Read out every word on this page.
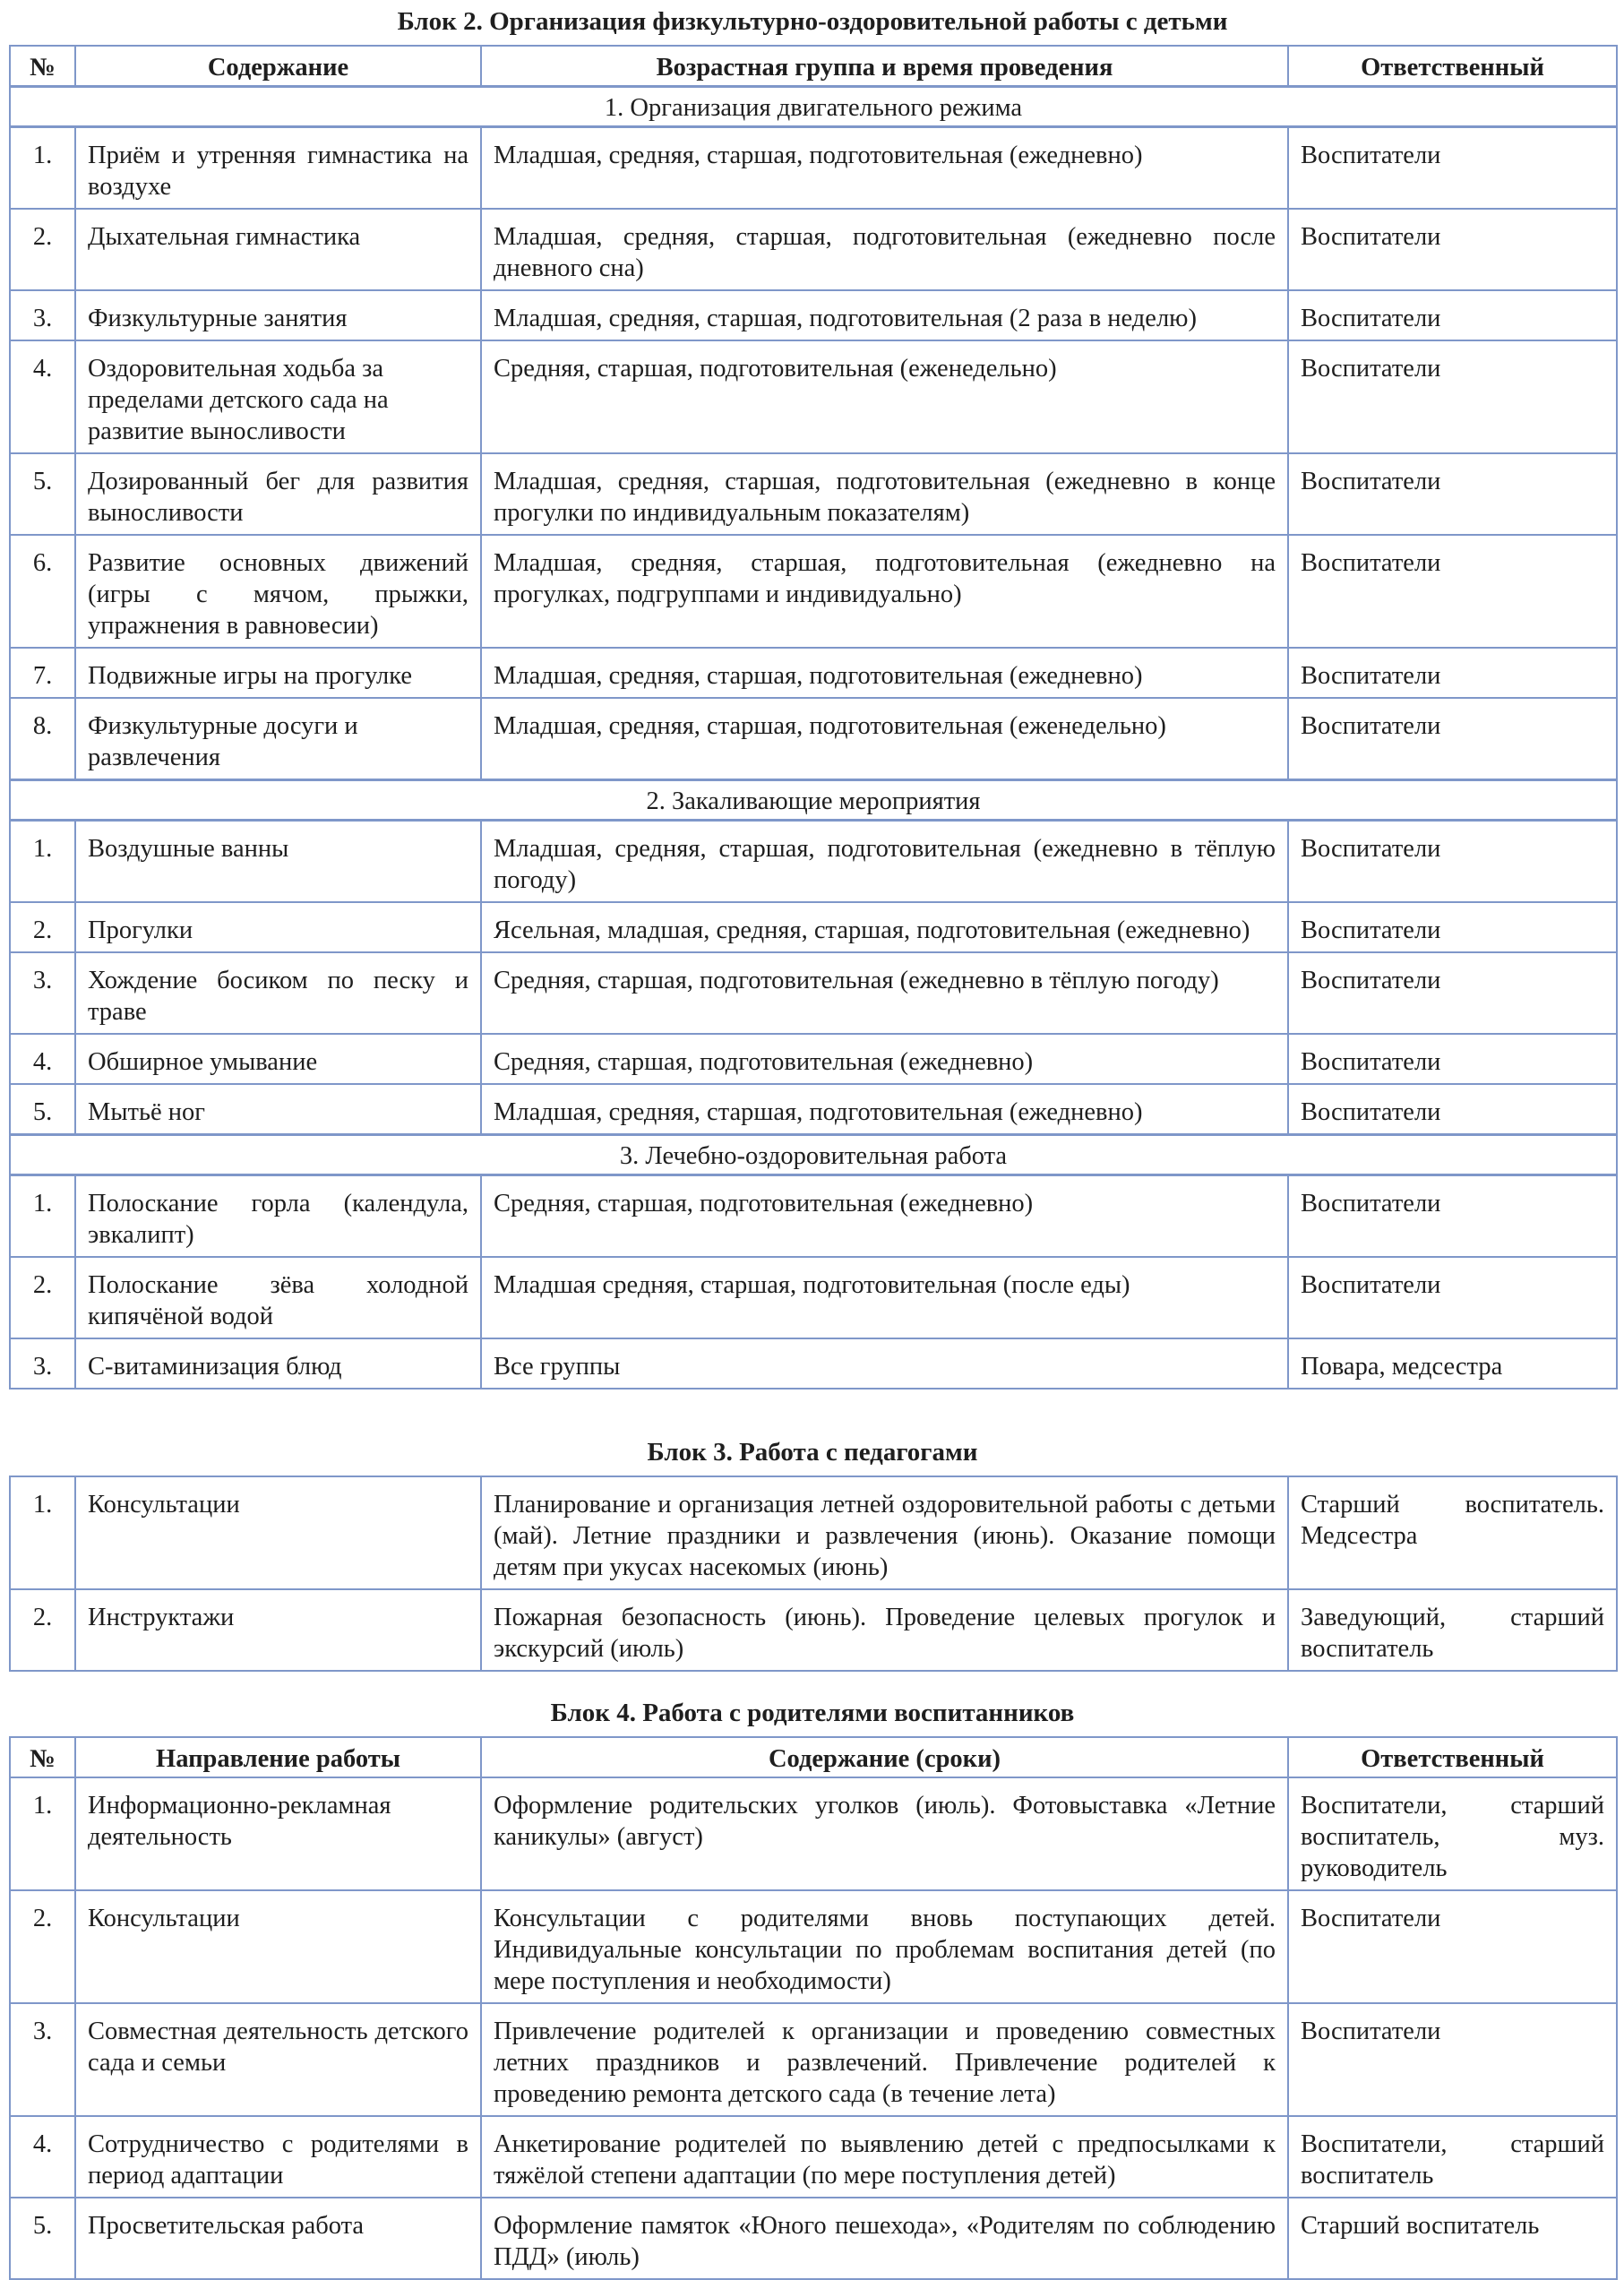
Блок 2. Организация физкультурно-оздоровительной работы с детьми
№	Содержание	Возрастная группа и время проведения	Ответственный
1. Организация двигательного режима			
1.	Приём и утренняя гимнастика на воздухе	Младшая, средняя, старшая, подготовительная (ежедневно)	Воспитатели
2.	Дыхательная гимнастика	Младшая, средняя, старшая, подготовительная (ежедневно после дневного сна)	Воспитатели
3.	Физкультурные занятия	Младшая, средняя, старшая, подготовительная (2 раза в неделю)	Воспитатели
4.	Оздоровительная ходьба за пределами детского сада на развитие выносливости	Средняя, старшая, подготовительная (еженедельно)	Воспитатели
5.	Дозированный бег для развития выносливости	Младшая, средняя, старшая, подготовительная (ежедневно в конце прогулки по индивидуальным показателям)	Воспитатели
6.	Развитие основных движений (игры с мячом, прыжки, упражнения в равновесии)	Младшая, средняя, старшая, подготовительная (ежедневно на прогулках, подгруппами и индивидуально)	Воспитатели
7.	Подвижные игры на прогулке	Младшая, средняя, старшая, подготовительная (ежедневно)	Воспитатели
8.	Физкультурные досуги и развлечения	Младшая, средняя, старшая, подготовительная (еженедельно)	Воспитатели
2. Закаливающие мероприятия			
1.	Воздушные ванны	Младшая, средняя, старшая, подготовительная (ежедневно в тёплую погоду)	Воспитатели
2.	Прогулки	Ясельная, младшая, средняя, старшая, подготовительная (ежедневно)	Воспитатели
3.	Хождение босиком по песку и траве	Средняя, старшая, подготовительная (ежедневно в тёплую погоду)	Воспитатели
4.	Обширное умывание	Средняя, старшая, подготовительная (ежедневно)	Воспитатели
5.	Мытьё ног	Младшая, средняя, старшая, подготовительная (ежедневно)	Воспитатели
3. Лечебно-оздоровительная работа			
1.	Полоскание горла (календула, эвкалипт)	Средняя, старшая, подготовительная (ежедневно)	Воспитатели
2.	Полоскание зёва холодной кипячёной водой	Младшая средняя, старшая, подготовительная (после еды)	Воспитатели
3.	С-витаминизация блюд	Все группы	Повара, медсестра
Блок 3. Работа с педагогами
1.	Консультации	Планирование и организация летней оздоровительной работы с детьми (май). Летние праздники и развлечения (июнь). Оказание помощи детям при укусах насекомых (июнь)	Старший воспитатель. Медсестра
2.	Инструктажи	Пожарная безопасность (июнь). Проведение целевых прогулок и экскурсий (июль)	Заведующий, старший воспитатель
Блок 4. Работа с родителями воспитанников
№	Направление работы	Содержание (сроки)	Ответственный
1.	Информационно-рекламная деятельность	Оформление родительских уголков (июль). Фотовыставка «Летние каникулы» (август)	Воспитатели, старший воспитатель, муз. руководитель
2.	Консультации	Консультации с родителями вновь поступающих детей. Индивидуальные консультации по проблемам воспитания детей (по мере поступления и необходимости)	Воспитатели
3.	Совместная деятельность детского сада и семьи	Привлечение родителей к организации и проведению совместных летних праздников и развлечений. Привлечение родителей к проведению ремонта детского сада (в течение лета)	Воспитатели
4.	Сотрудничество с родителями в период адаптации	Анкетирование родителей по выявлению детей с предпосылками к тяжёлой степени адаптации (по мере поступления детей)	Воспитатели, старший воспитатель
5.	Просветительская работа	Оформление памяток «Юного пешехода», «Родителям по соблюдению ПДД» (июль)	Старший воспитатель
